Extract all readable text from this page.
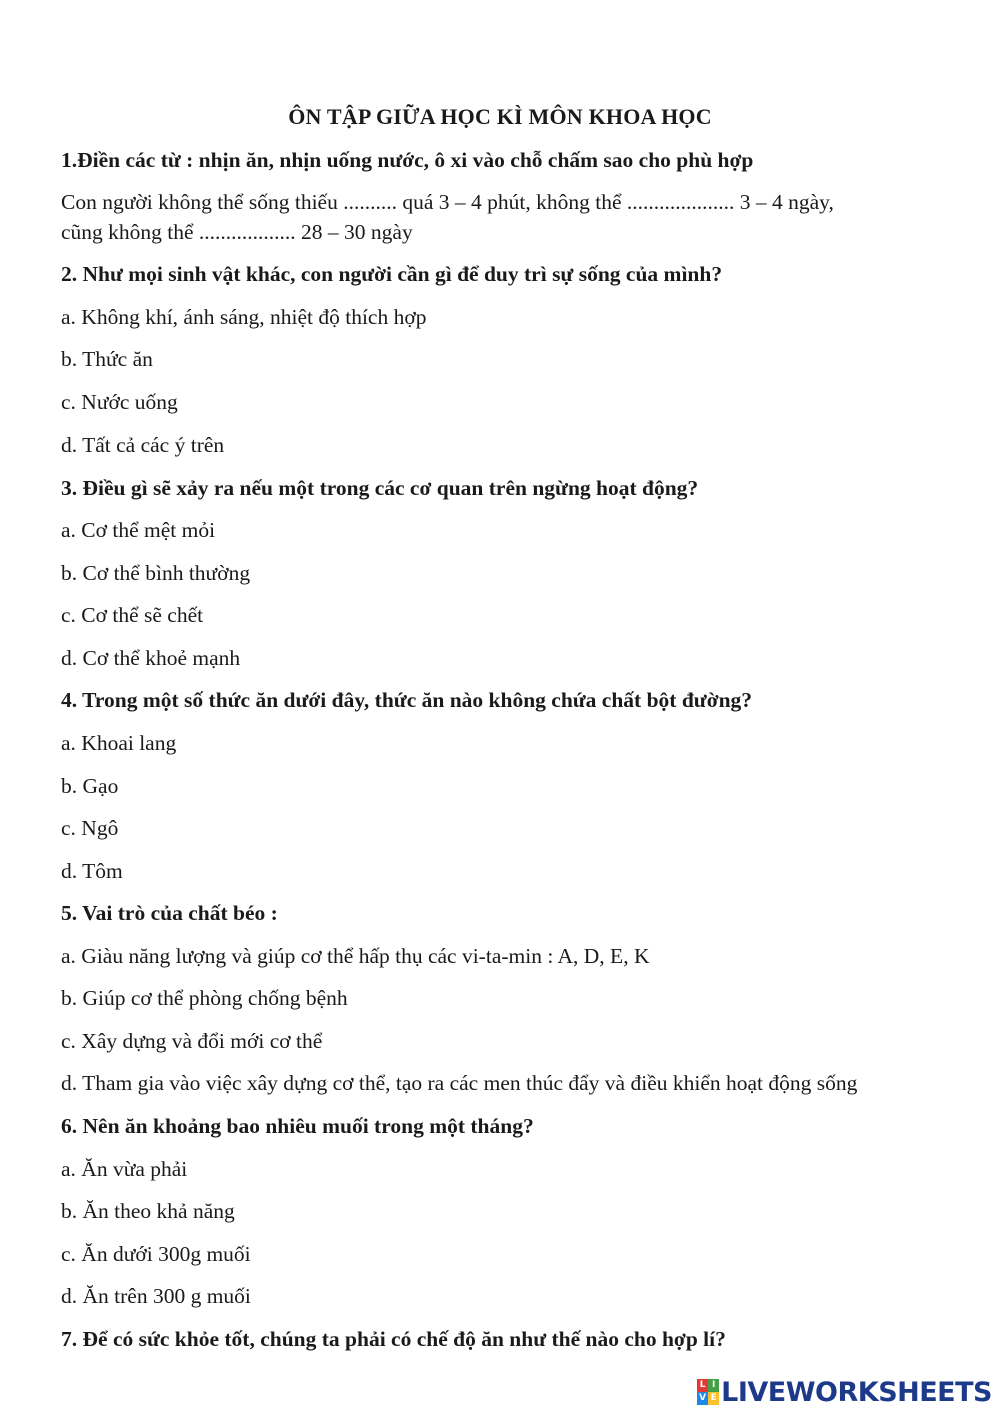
ÔN TẬP GIỮA HỌC KÌ MÔN KHOA HỌC
1.Điền các từ : nhịn ăn, nhịn uống nước, ô xi vào chỗ chấm sao cho phù hợp
Con người không thể sống thiếu .......... quá 3 – 4 phút, không thể .................... 3 – 4 ngày,
cũng không thể .................. 28 – 30 ngày
2. Như mọi sinh vật khác, con người cần gì để duy trì sự sống của mình?
a. Không khí, ánh sáng, nhiệt độ thích hợp
b. Thức ăn
c. Nước uống
d. Tất cả các ý trên
3. Điều gì sẽ xảy ra nếu một trong các cơ quan trên ngừng hoạt động?
a. Cơ thể mệt mỏi
b. Cơ thể bình thường
c. Cơ thể sẽ chết
d. Cơ thể khoẻ mạnh
4. Trong một số thức ăn dưới đây, thức ăn nào không chứa chất bột đường?
a. Khoai lang
b. Gạo
c. Ngô
d. Tôm
5. Vai trò của chất béo :
a. Giàu năng lượng và giúp cơ thể hấp thụ các vi-ta-min : A, D, E, K
b. Giúp cơ thể phòng chống bệnh
c. Xây dựng và đổi mới cơ thể
d. Tham gia vào việc xây dựng cơ thể, tạo ra các men thúc đẩy và điều khiển hoạt động sống
6. Nên ăn khoảng bao nhiêu muối trong một tháng?
a. Ăn vừa phải
b. Ăn theo khả năng
c. Ăn dưới 300g muối
d. Ăn trên 300 g muối
7. Để có sức khỏe tốt, chúng ta phải có chế độ ăn như thế nào cho hợp lí?
L I
V E LIVEWORKSHEETS
